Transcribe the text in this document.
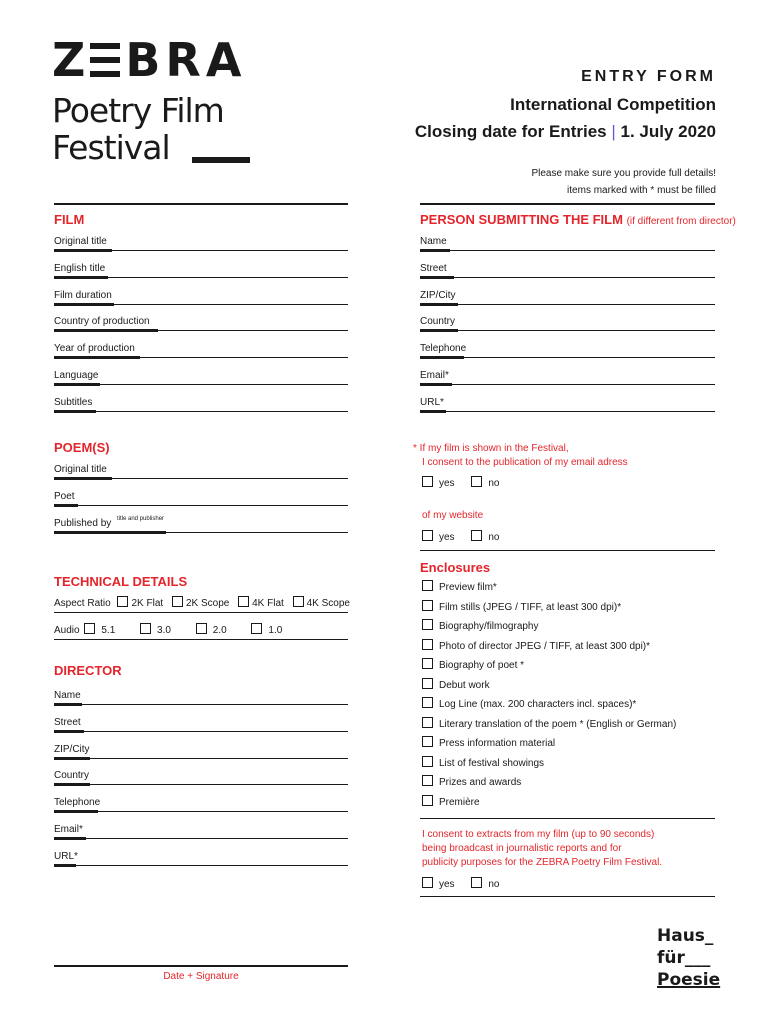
Z BRA
Poetry Film
Festival
ENTRY FORM
International Competition
Closing date for Entries | 1. July 2020
Please make sure you provide full details!
items marked with * must be filled
FILM
Original title
English title
Film duration
Country of production
Year of production
Language
Subtitles
PERSON SUBMITTING THE FILM (if different from director)
Name
Street
ZIP/City
Country
Telephone
Email*
URL*
POEM(S)
Original title
Poet
Published by title and publisher
* If my film is shown in the Festival,
I consent to the publication of my email adress
yes	no
of my website
yes	no
TECHNICAL DETAILS
Aspect Ratio 2K Flat 2K Scope 4K Flat 4K Scope
Audio 5.1	3.0	2.0	1.0
DIRECTOR
Name
Street
ZIP/City
Country
Telephone
Email*
URL*
Enclosures
Preview film*
Film stills (JPEG / TIFF, at least 300 dpi)*
Biography/filmography
Photo of director JPEG / TIFF, at least 300 dpi)*
Biography of poet *
Debut work
Log Line (max. 200 characters incl. spaces)*
Literary translation of the poem * (English or German)
Press information material
List of festival showings
Prizes and awards
Première
I consent to extracts from my film (up to 90 seconds)
being broadcast in journalistic reports and for
publicity purposes for the ZEBRA Poetry Film Festival.
yes	no
Date + Signature
Haus_
für___
Poesie
